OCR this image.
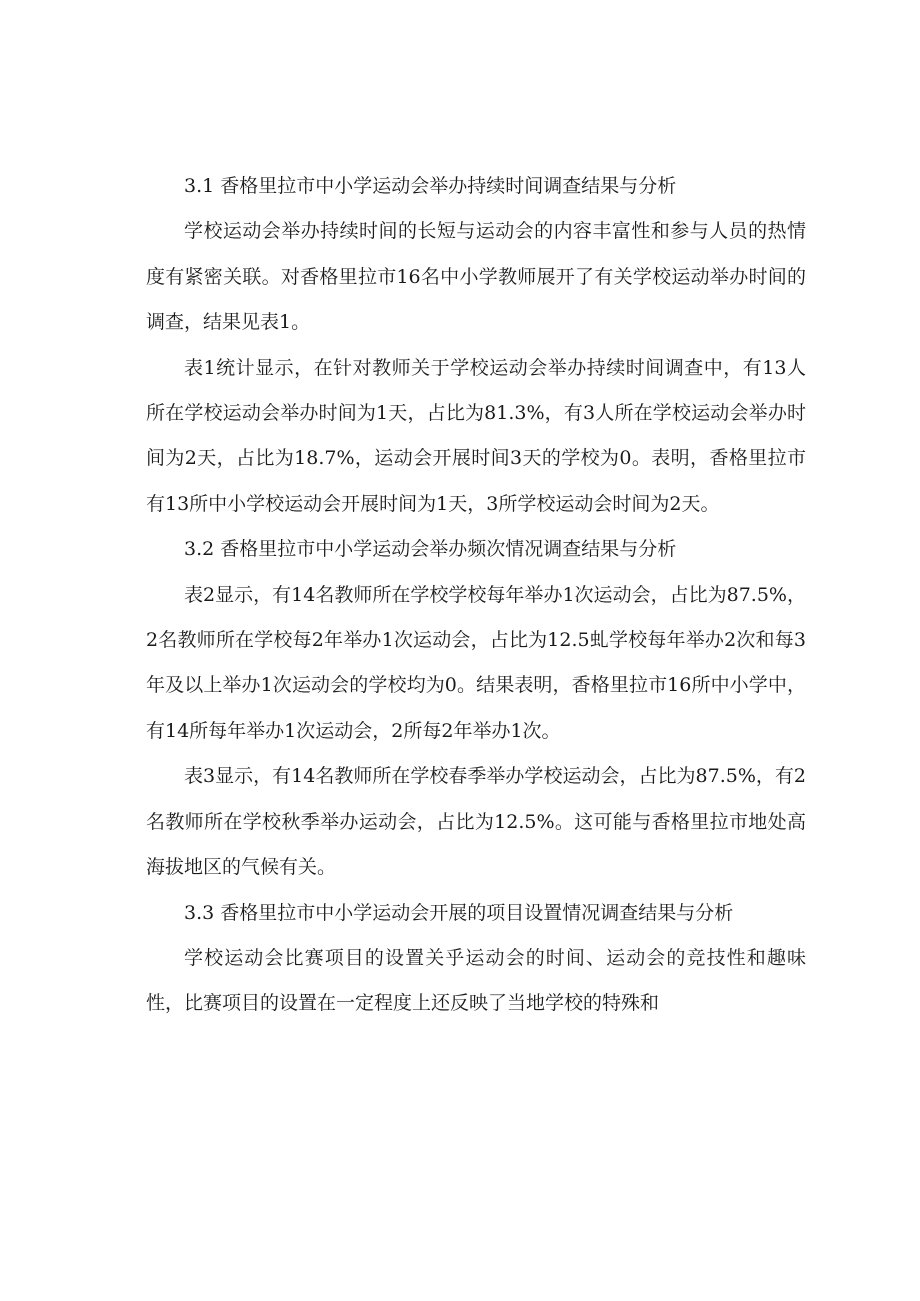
3.1 香格里拉市中小学运动会举办持续时间调查结果与分析

学校运动会举办持续时间的长短与运动会的内容丰富性和参与人员的热情度有紧密关联。对香格里拉市16名中小学教师展开了有关学校运动举办时间的调查，结果见表1。

表1统计显示，在针对教师关于学校运动会举办持续时间调查中，有13人所在学校运动会举办时间为1天，占比为81.3%，有3人所在学校运动会举办时间为2天，占比为18.7%，运动会开展时间3天的学校为0。表明，香格里拉市有13所中小学校运动会开展时间为1天，3所学校运动会时间为2天。

3.2 香格里拉市中小学运动会举办频次情况调查结果与分析

表2显示，有14名教师所在学校学校每年举办1次运动会，占比为87.5%，2名教师所在学校每2年举办1次运动会，占比为12.5虬学校每年举办2次和每3年及以上举办1次运动会的学校均为0。结果表明，香格里拉市16所中小学中，有14所每年举办1次运动会，2所每2年举办1次。

表3显示，有14名教师所在学校春季举办学校运动会，占比为87.5%，有2名教师所在学校秋季举办运动会，占比为12.5%。这可能与香格里拉市地处高海拔地区的气候有关。

3.3 香格里拉市中小学运动会开展的项目设置情况调查结果与分析

学校运动会比赛项目的设置关乎运动会的时间、运动会的竞技性和趣味性，比赛项目的设置在一定程度上还反映了当地学校的特殊和
